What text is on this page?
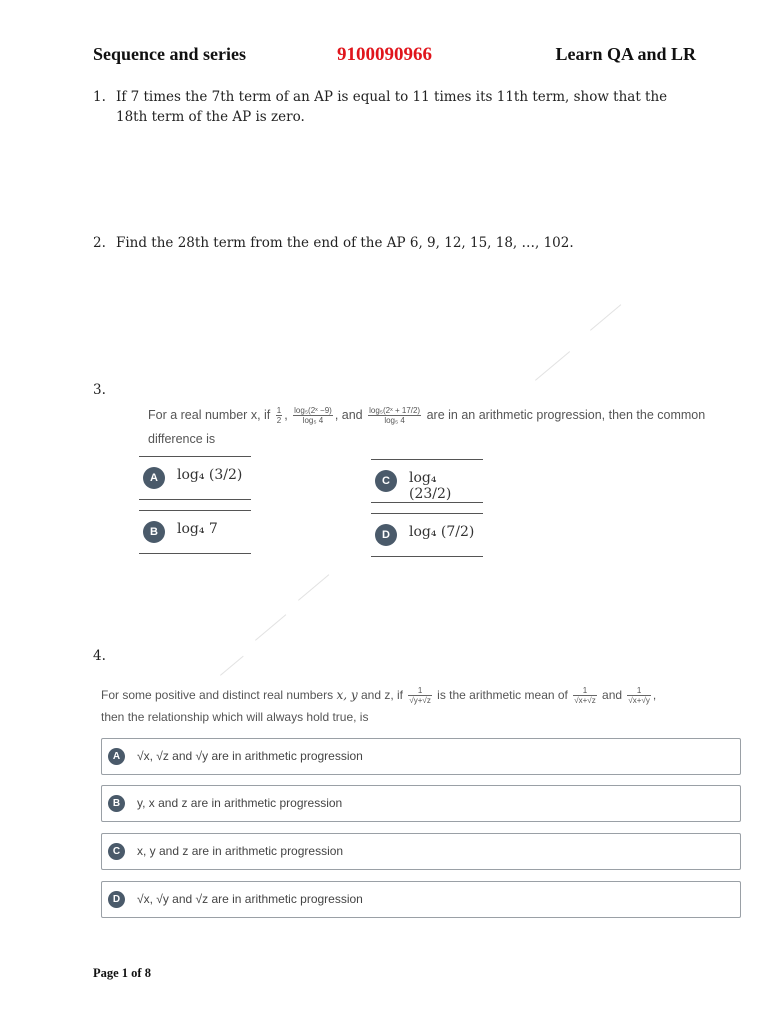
Sequence and series	9100090966	Learn QA and LR
1. If 7 times the 7th term of an AP is equal to 11 times its 11th term, show that the
18th term of the AP is zero.
2. Find the 28th term from the end of the AP 6, 9, 12, 15, 18, …, 102.
3.
For a real number x, if $\frac{1}{2}$ , $\frac{\text{log₅(2ˣ −9)}}{\text{log₅ 4}}$ , and $\frac{\text{log₅(2ˣ + 17/2)}}{\text{log₅ 4}}$ are in an arithmetic progression, then the common
difference is
A	log₄ (3/2)
B	log₄ 7
C	log₄ (23/2)
D	log₄ (7/2)
4.
For some positive and distinct real numbers x, y and z, if $\frac{1}{√y+√z}$ is the arithmetic mean of $\frac{1}{√x+√z}$ and $\frac{1}{√x+√y}$ ,
then the relationship which will always hold true, is
A	√x, √z and √y are in arithmetic progression
B	y, x and z are in arithmetic progression
C	x, y and z are in arithmetic progression
D	√x, √y and √z are in arithmetic progression
Page 1 of 8
